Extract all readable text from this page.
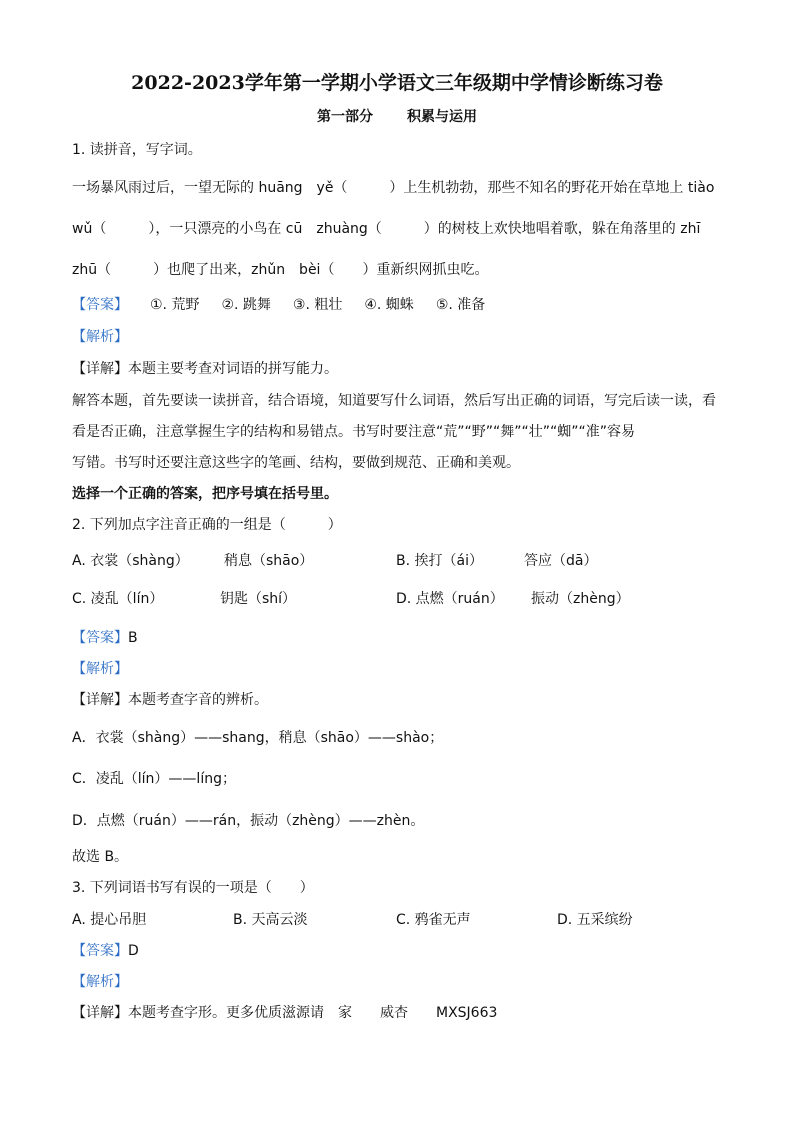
2022-2023学年第一学期小学语文三年级期中学情诊断练习卷
第一部分 积累与运用
1. 读拼音，写字词。
一场暴风雨过后，一望无际的 huāng　yě（　　　）上生机勃勃，那些不知名的野花开始在草地上 tiào
wǔ（　　　），一只漂亮的小鸟在 cū　zhuàng（　　　）的树枝上欢快地唱着歌，躲在角落里的 zhī
zhū（　　　）也爬了出来，zhǔn　bèi（　　）重新织网抓虫吃。
【答案】 ①. 荒野 ②. 跳舞 ③. 粗壮 ④. 蜘蛛 ⑤. 准备
【解析】
【详解】本题主要考查对词语的拼写能力。
解答本题，首先要读一读拼音，结合语境，知道要写什么词语，然后写出正确的词语，写完后读一读，看
看是否正确，注意掌握生字的结构和易错点。书写时要注意“荒”“野”“舞”“壮”“蜘”“准”容易
写错。书写时还要注意这些字的笔画、结构，要做到规范、正确和美观。
选择一个正确的答案，把序号填在括号里。
2. 下列加点字注音正确的一组是（　　　）
A. 衣裳（shàng）	稍息（shāo）	B. 挨打（ái）	答应（dā）
C. 凌乱（lín）	钥匙（shí）	D. 点燃（ruán） 振动（zhèng）
【答案】B
【解析】
【详解】本题考查字音的辨析。
A．衣裳（shàng）——shang，稍息（shāo）——shào；
C．凌乱（lín）——líng；
D．点燃（ruán）——rán，振动（zhèng）——zhèn。
故选 B。
3. 下列词语书写有误的一项是（　　）
A. 提心吊胆	B. 天高云淡	C. 鸦雀无声	D. 五采缤纷
【答案】D
【解析】
【详解】本题考查字形。更多优质滋源请　家　　威杏　　MXSJ663
